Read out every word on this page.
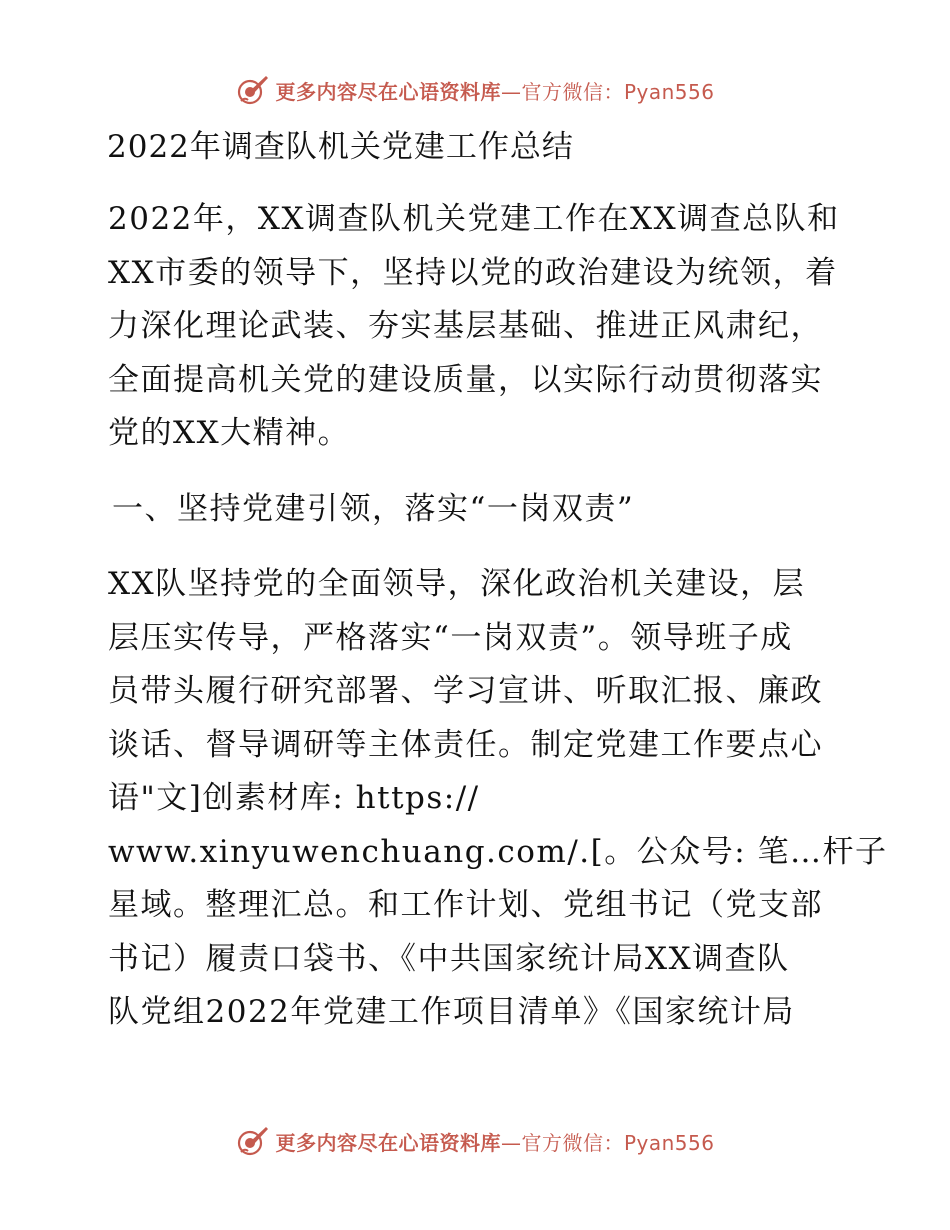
更多内容尽在心语资料库—官方微信：Pyan556
2022年调查队机关党建工作总结

2022年，XX调查队机关党建工作在XX调查总队和
XX市委的领导下，坚持以党的政治建设为统领，着
力深化理论武装、夯实基层基础、推进正风肃纪，
全面提高机关党的建设质量，以实际行动贯彻落实
党的XX大精神。

一、坚持党建引领，落实“一岗双责”

XX队坚持党的全面领导，深化政治机关建设，层
层压实传导，严格落实“一岗双责”。领导班子成
员带头履行研究部署、学习宣讲、听取汇报、廉政
谈话、督导调研等主体责任。制定党建工作要点心
语"文]创素材库: https://
www.xinyuwenchuang.com/.[。公众号: 笔…杆子
星域。整理汇总。和工作计划、党组书记（党支部
书记）履责口袋书、《中共国家统计局XX调查队
队党组2022年党建工作项目清单》《国家统计局

更多内容尽在心语资料库—官方微信：Pyan556
